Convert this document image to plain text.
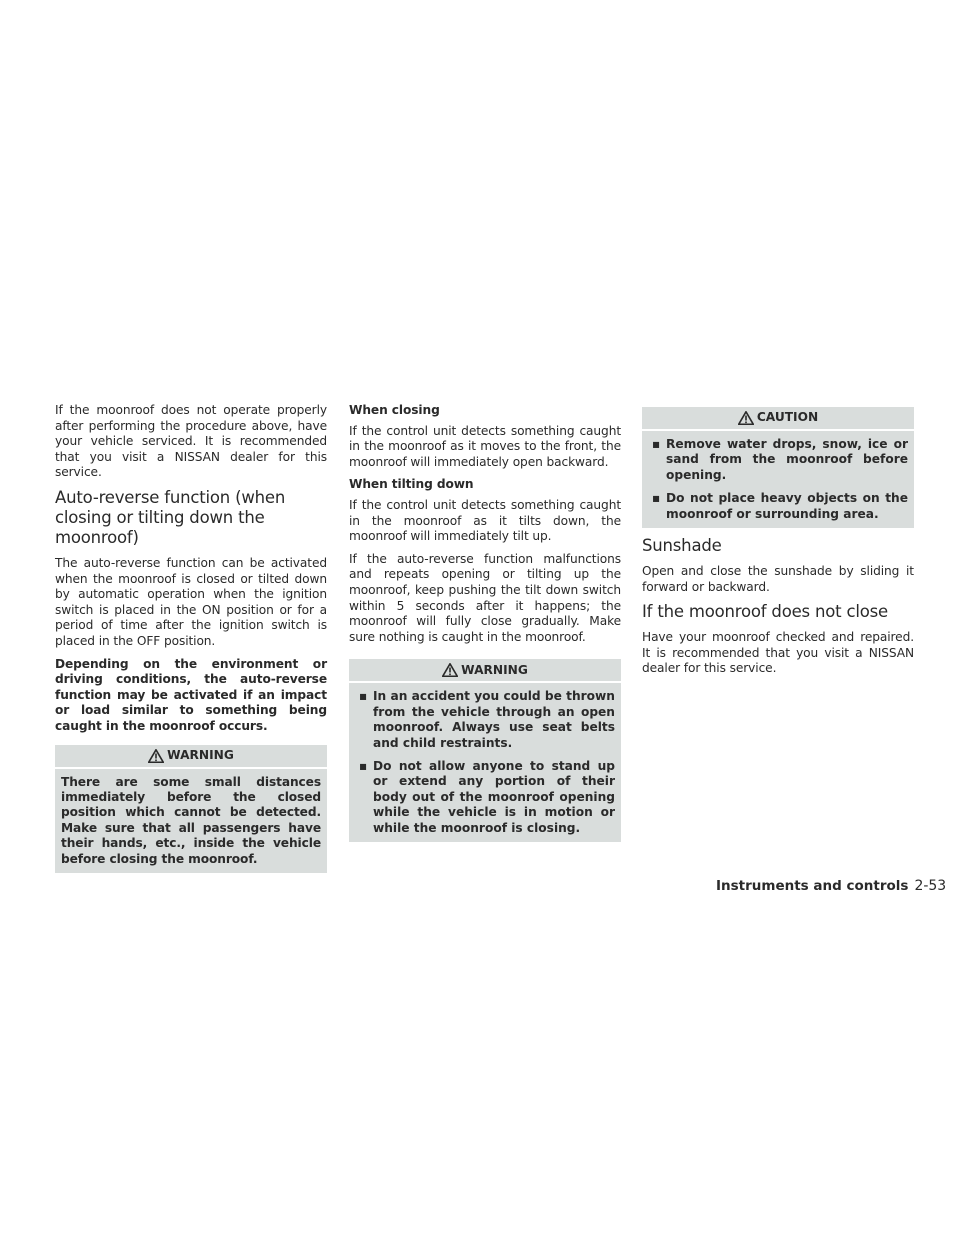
If the moonroof does not operate properly after performing the procedure above, have your vehicle serviced. It is recommended that you visit a NISSAN dealer for this service.

Auto-reverse function (when closing or tilting down the moonroof)

The auto-reverse function can be activated when the moonroof is closed or tilted down by automatic operation when the ignition switch is placed in the ON position or for a period of time after the ignition switch is placed in the OFF position.

Depending on the environment or driving conditions, the auto-reverse function may be activated if an impact or load similar to something being caught in the moonroof occurs.

WARNING

There are some small distances immediately before the closed position which cannot be detected. Make sure that all passengers have their hands, etc., inside the vehicle before closing the moonroof.

When closing

If the control unit detects something caught in the moonroof as it moves to the front, the moonroof will immediately open backward.

When tilting down

If the control unit detects something caught in the moonroof as it tilts down, the moonroof will immediately tilt up.

If the auto-reverse function malfunctions and repeats opening or tilting up the moonroof, keep pushing the tilt down switch within 5 seconds after it happens; the moonroof will fully close gradually. Make sure nothing is caught in the moonroof.

WARNING
▪ In an accident you could be thrown from the vehicle through an open moonroof. Always use seat belts and child restraints.
▪ Do not allow anyone to stand up or extend any portion of their body out of the moonroof opening while the vehicle is in motion or while the moonroof is closing.
CAUTION
▪ Remove water drops, snow, ice or sand from the moonroof before opening.
▪ Do not place heavy objects on the moonroof or surrounding area.
Sunshade

Open and close the sunshade by sliding it forward or backward.

If the moonroof does not close

Have your moonroof checked and repaired. It is recommended that you visit a NISSAN dealer for this service.

Instruments and controls 2-53
